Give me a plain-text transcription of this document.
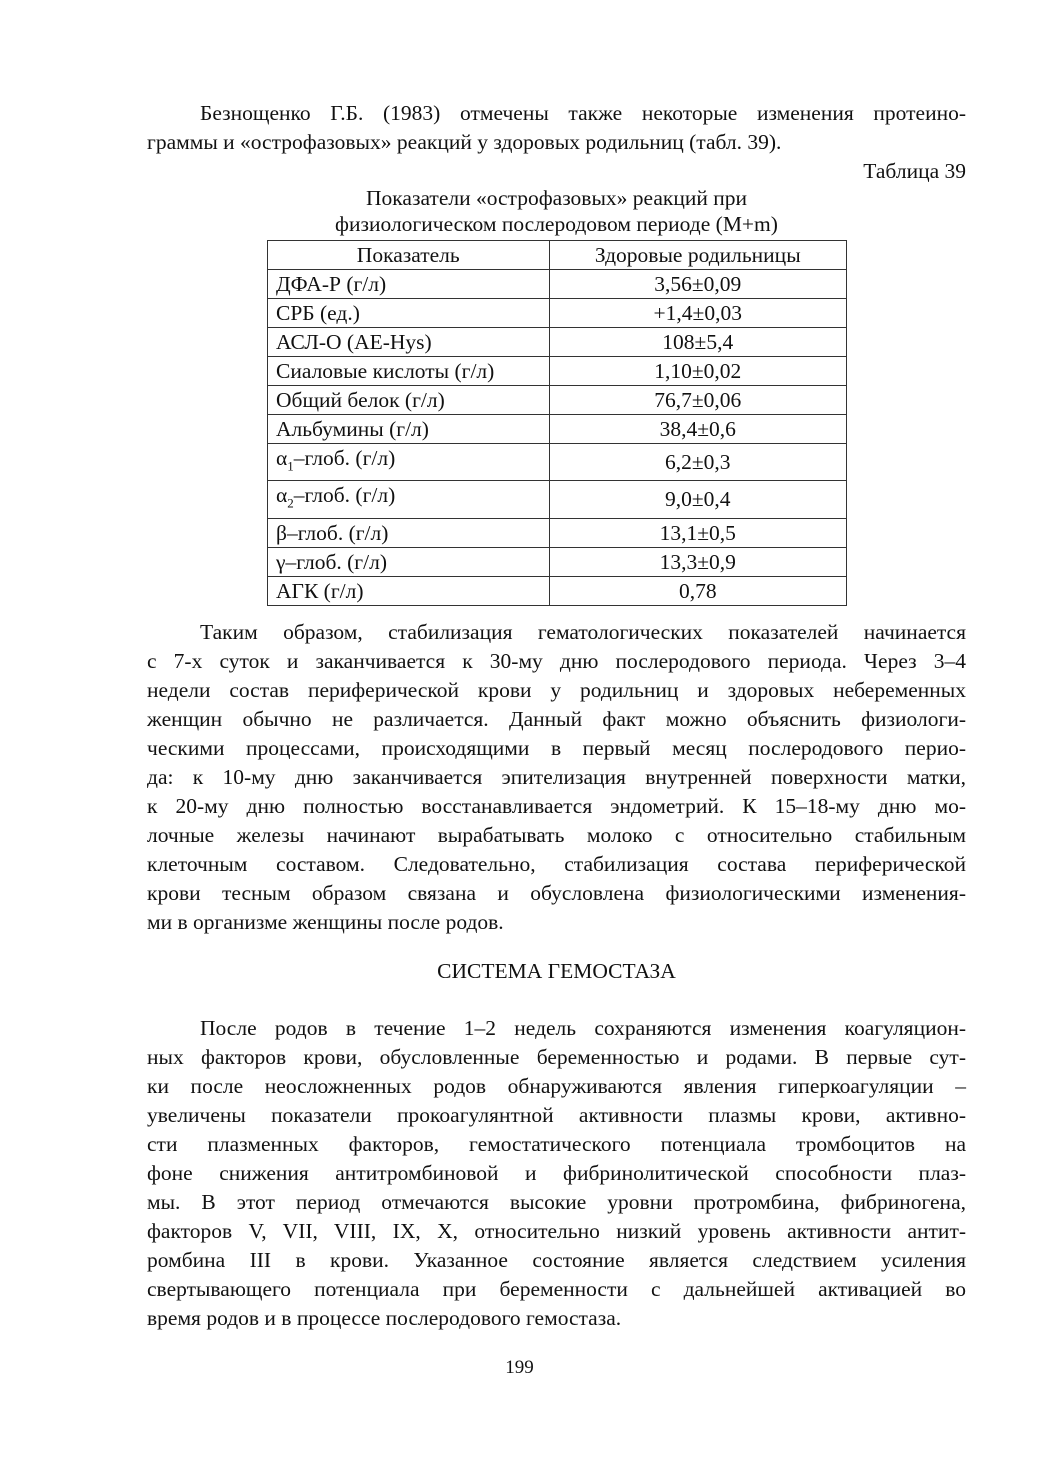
Безнощенко Г.Б. (1983) отмечены также некоторые изменения протеино-
граммы и «острофазовых» реакций у здоровых родильниц (табл. 39).

Таблица 39
Показатели «острофазовых» реакций при
физиологическом послеродовом периоде (M+m)
Показатель	Здоровые родильницы
ДФА-Р (г/л)	3,56±0,09
СРБ (ед.)	+1,4±0,03
АСЛ-О (AE-Hys)	108±5,4
Сиаловые кислоты (г/л)	1,10±0,02
Общий белок (г/л)	76,7±0,06
Альбумины (г/л)	38,4±0,6
$\alpha_1$–глоб. (г/л)	6,2±0,3
$\alpha_2$–глоб. (г/л)	9,0±0,4
β–глоб. (г/л)	13,1±0,5
γ–глоб. (г/л)	13,3±0,9
АГК (г/л)	0,78

Таким образом, стабилизация гематологических показателей начинается
с 7-х суток и заканчивается к 30-му дню послеродового периода. Через 3–4
недели состав периферической крови у родильниц и здоровых небеременных
женщин обычно не различается. Данный факт можно объяснить физиологи-
ческими процессами, происходящими в первый месяц послеродового перио-
да: к 10-му дню заканчивается эпителизация внутренней поверхности матки,
к 20-му дню полностью восстанавливается эндометрий. К 15–18-му дню мо-
лочные железы начинают вырабатывать молоко с относительно стабильным
клеточным составом. Следовательно, стабилизация состава периферической
крови тесным образом связана и обусловлена физиологическими изменения-
ми в организме женщины после родов.

СИСТЕМА ГЕМОСТАЗА

После родов в течение 1–2 недель сохраняются изменения коагуляцион-
ных факторов крови, обусловленные беременностью и родами. В первые сут-
ки после неосложненных родов обнаруживаются явления гиперкоагуляции –
увеличены показатели прокоагулянтной активности плазмы крови, активно-
сти плазменных факторов, гемостатического потенциала тромбоцитов на
фоне снижения антитромбиновой и фибринолитической способности плаз-
мы. В этот период отмечаются высокие уровни протромбина, фибриногена,
факторов V, VII, VIII, IX, X, относительно низкий уровень активности антит-
ромбина III в крови. Указанное состояние является следствием усиления
свертывающего потенциала при беременности с дальнейшей активацией во
время родов и в процессе послеродового гемостаза.

199
